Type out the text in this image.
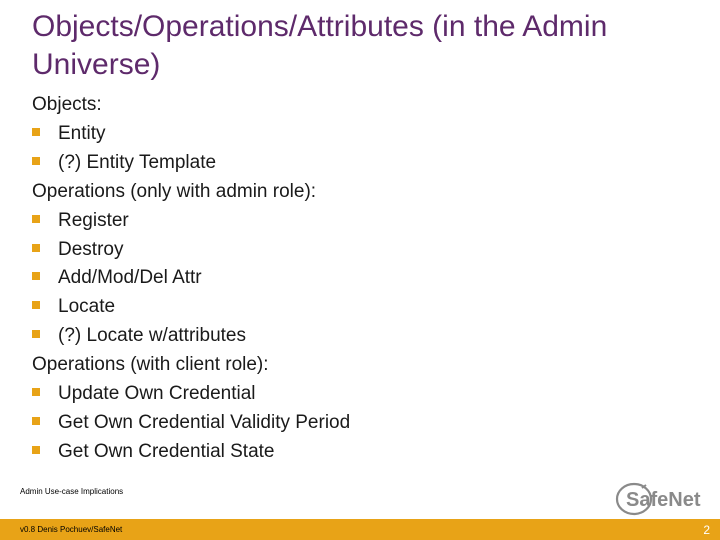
Objects/Operations/Attributes (in the Admin Universe)
Objects:
Entity
(?) Entity Template
Operations (only with admin role):
Register
Destroy
Add/Mod/Del Attr
Locate
(?) Locate w/attributes
Operations (with client role):
Update Own Credential
Get Own Credential Validity Period
Get Own Credential State
SafeNet
Admin Use-case Implications
v0.8 Denis Pochuev/SafeNet	2
